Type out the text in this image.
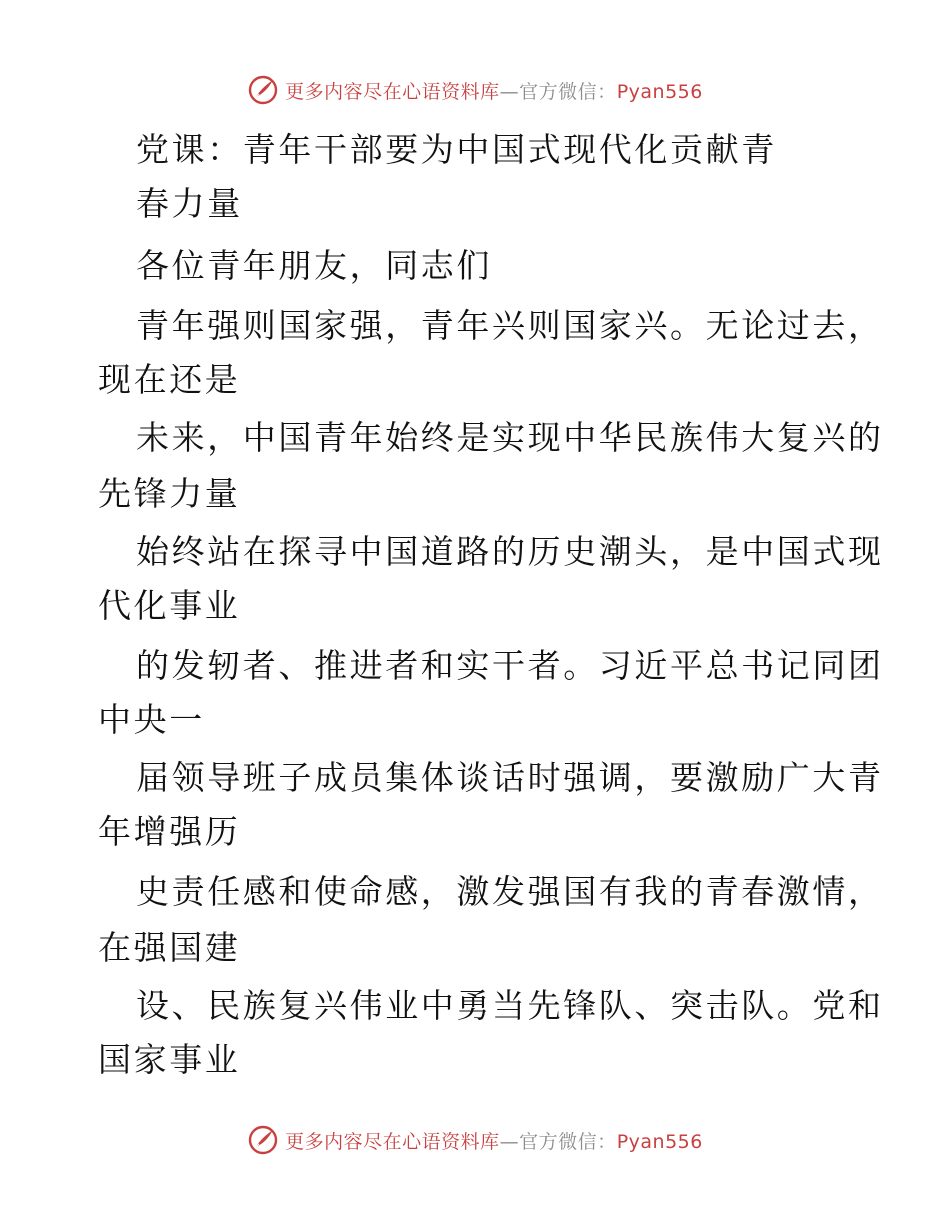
更多内容尽在心语资料库—官方微信：Pyan556
党课：青年干部要为中国式现代化贡献青
春力量
各位青年朋友，同志们
青年强则国家强，青年兴则国家兴。无论过去，
现在还是
未来，中国青年始终是实现中华民族伟大复兴的
先锋力量
始终站在探寻中国道路的历史潮头，是中国式现
代化事业
的发轫者、推进者和实干者。习近平总书记同团
中央一
届领导班子成员集体谈话时强调，要激励广大青
年增强历
史责任感和使命感，激发强国有我的青春激情，
在强国建
设、民族复兴伟业中勇当先锋队、突击队。党和
国家事业
更多内容尽在心语资料库—官方微信：Pyan556
